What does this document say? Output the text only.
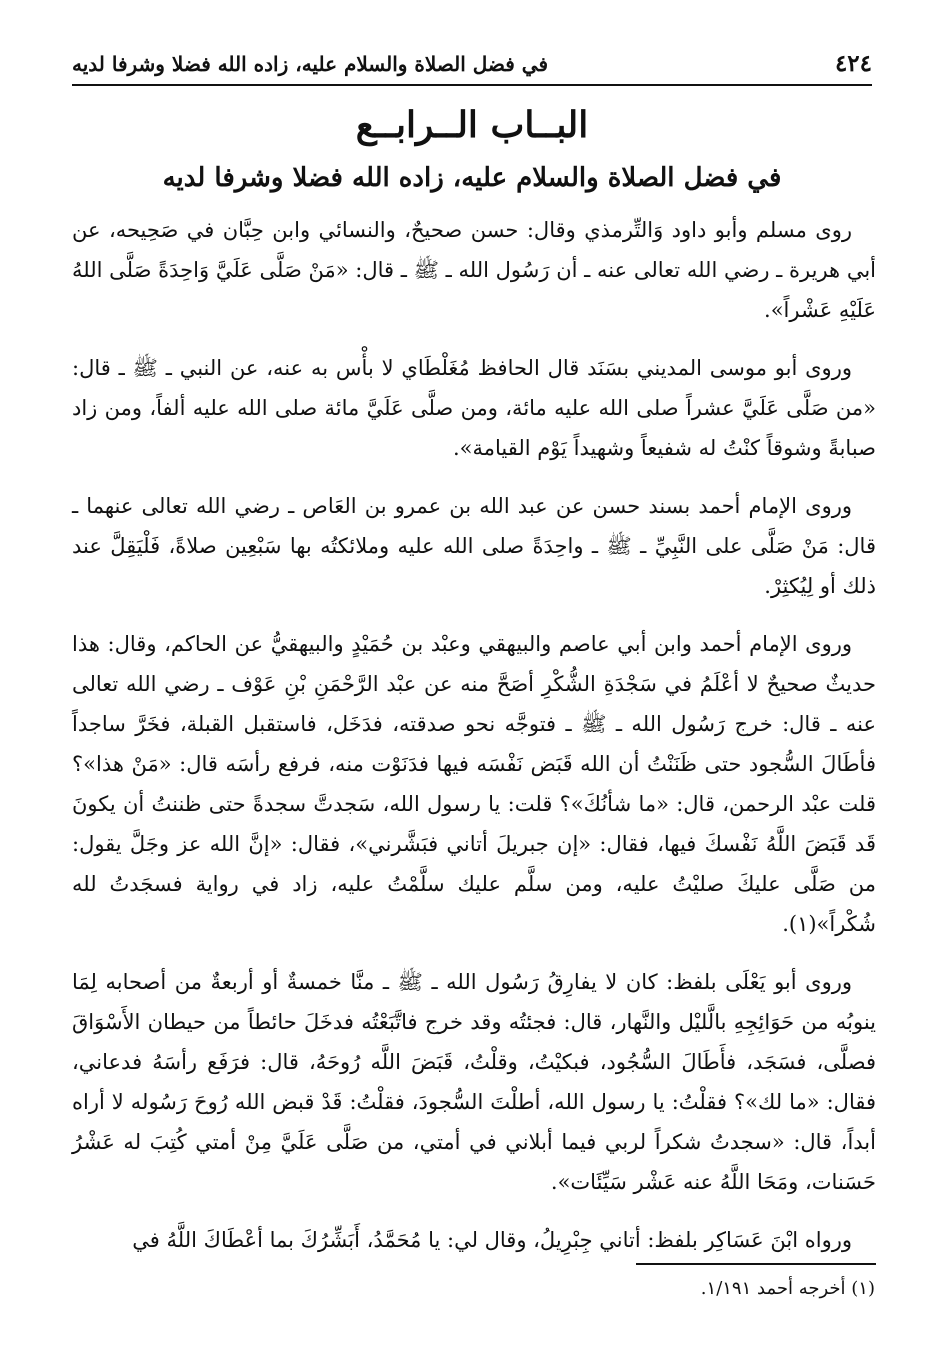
٤٢٤
في فضل الصلاة والسلام عليه، زاده الله فضلا وشرفا لديه
البــاب الــرابــع
في فضل الصلاة والسلام عليه، زاده الله فضلا وشرفا لديه

روى مسلم وأبو داود وَالتِّرمذي وقال: حسن صحيحٌ، والنسائي وابن حِبَّان في صَحِيحه، عن أبي هريرة ـ رضي الله تعالى عنه ـ أن رَسُول الله ـ ﷺ ـ قال: «مَنْ صَلَّى عَلَيَّ وَاحِدَةً صَلَّى اللهُ عَلَيْهِ عَشْراً».

وروى أبو موسى المديني بسَنَد قال الحافظ مُغَلْطَاي لا بأْس به عنه، عن النبي ـ ﷺ ـ قال: «من صَلَّى عَلَيَّ عشراً صلى الله عليه مائة، ومن صلَّى عَلَيَّ مائة صلى الله عليه ألفاً، ومن زاد صبابةً وشوقاً كنْتُ له شفيعاً وشهيداً يَوْم القيامة».

وروى الإمام أحمد بسند حسن عن عبد الله بن عمرو بن العَاص ـ رضي الله تعالى عنهما ـ قال: مَنْ صَلَّى على النَّبِيِّ ـ ﷺ ـ واحِدَةً صلى الله عليه وملائكتُه بها سَبْعِين صلاةً، فَلْيَقِلَّ عند ذلك أو لِيُكثِرْ.

وروى الإمام أحمد وابن أبي عاصم والبيهقي وعبْد بن حُمَيْدٍ والبيهقيُّ عن الحاكم، وقال: هذا حديثٌ صحيحٌ لا أعْلَمُ في سَجْدَةِ الشُّكْرِ أصَحَّ منه عن عبْد الرَّحْمَنِ بْنِ عَوْف ـ رضي الله تعالى عنه ـ قال: خرج رَسُول الله ـ ﷺ ـ فتوجَّه نحو صدقته، فدَخَل، فاستقبل القبلة، فخَرَّ ساجداً فأطَالَ السُّجود حتى ظَنَنْتُ أن الله قَبَض نَفْسَه فيها فدَنَوْت منه، فرفع رأسَه قال: «مَنْ هذا»؟ قلت عبْد الرحمن، قال: «ما شأنُكَ»؟ قلت: يا رسول الله، سَجدتَّ سجدةً حتى ظننتُ أن يكونَ قَد قَبَضَ اللَّهُ نَفْسكَ فيها، فقال: «إن جبريلَ أتاني فبَشَّرني»، فقال: «إنَّ الله عز وجَلَّ يقول: من صَلَّى عليكَ صليْتُ عليه، ومن سلَّم عليك سلَّمْتُ عليه، زاد في رواية فسجَدتُ لله شُكْراً»(١).

وروى أبو يَعْلَى بلفظ: كان لا يفارِقُ رَسُول الله ـ ﷺ ـ منَّا خمسةٌ أو أربعةٌ من أصحابه لِمَا ينوبُه من حَوَائِجِهِ بالَّليْل والنَّهار، قال: فجئتُه وقد خرج فاتَّبَعْتُه فدخَلَ حائطاً من حيطان الأَسْوَاقَ فصلَّى، فسَجَد، فأَطَالَ السُّجُود، فبكيْتُ، وقلْتُ، قَبَضَ اللَّه رُوحَهُ، قال: فرَفَع رأسَهُ فدعاني، فقال: «ما لك»؟ فقلْتُ: يا رسول الله، أطلْتَ السُّجودَ، فقلْتُ: قَدْ قبض الله رُوحَ رَسُوله لا أراه أبداً، قال: «سجدتُ شكراً لربي فيما أبلاني في أمتي، من صَلَّى عَلَيَّ مِنْ أمتي كُتِبَ له عَشْرُ حَسَنات، ومَحَا اللَّهُ عنه عَشْر سَيِّئَات».

ورواه ابْنَ عَسَاكِر بلفظ: أتاني جِبْرِيلُ، وقال لي: يا مُحَمَّدُ، أَبَشِّرُكَ بما أعْطَاكَ اللَّهُ في

(١) أخرجه أحمد ١/١٩١.
